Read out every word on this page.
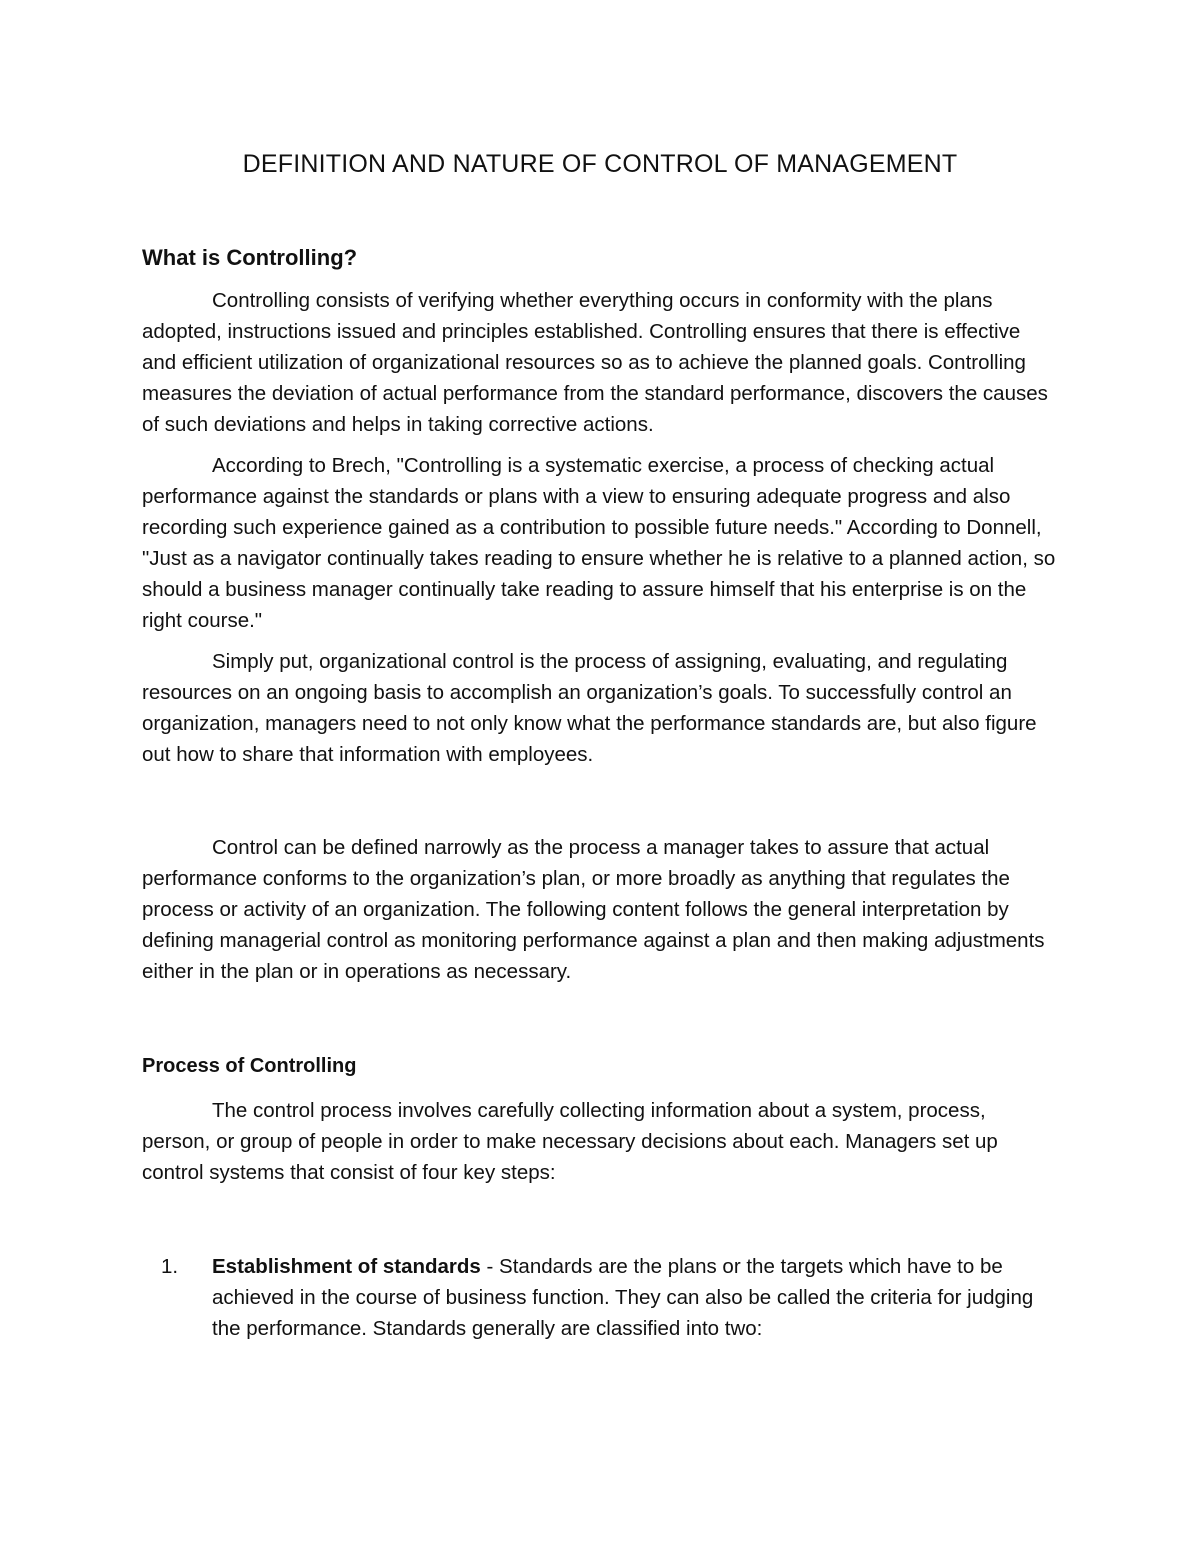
DEFINITION AND NATURE OF CONTROL OF MANAGEMENT
What is Controlling?

Controlling consists of verifying whether everything occurs in conformity with the plans adopted, instructions issued and principles established. Controlling ensures that there is effective and efficient utilization of organizational resources so as to achieve the planned goals. Controlling measures the deviation of actual performance from the standard performance, discovers the causes of such deviations and helps in taking corrective actions.

According to Brech, "Controlling is a systematic exercise, a process of checking actual performance against the standards or plans with a view to ensuring adequate progress and also recording such experience gained as a contribution to possible future needs." According to Donnell, "Just as a navigator continually takes reading to ensure whether he is relative to a planned action, so should a business manager continually take reading to assure himself that his enterprise is on the right course."

Simply put, organizational control is the process of assigning, evaluating, and regulating resources on an ongoing basis to accomplish an organization’s goals. To successfully control an organization, managers need to not only know what the performance standards are, but also figure out how to share that information with employees.

Control can be defined narrowly as the process a manager takes to assure that actual performance conforms to the organization’s plan, or more broadly as anything that regulates the process or activity of an organization. The following content follows the general interpretation by defining managerial control as monitoring performance against a plan and then making adjustments either in the plan or in operations as necessary.

Process of Controlling

The control process involves carefully collecting information about a system, process, person, or group of people in order to make necessary decisions about each. Managers set up control systems that consist of four key steps:

1. Establishment of standards - Standards are the plans or the targets which have to be achieved in the course of business function. They can also be called the criteria for judging the performance. Standards generally are classified into two:
